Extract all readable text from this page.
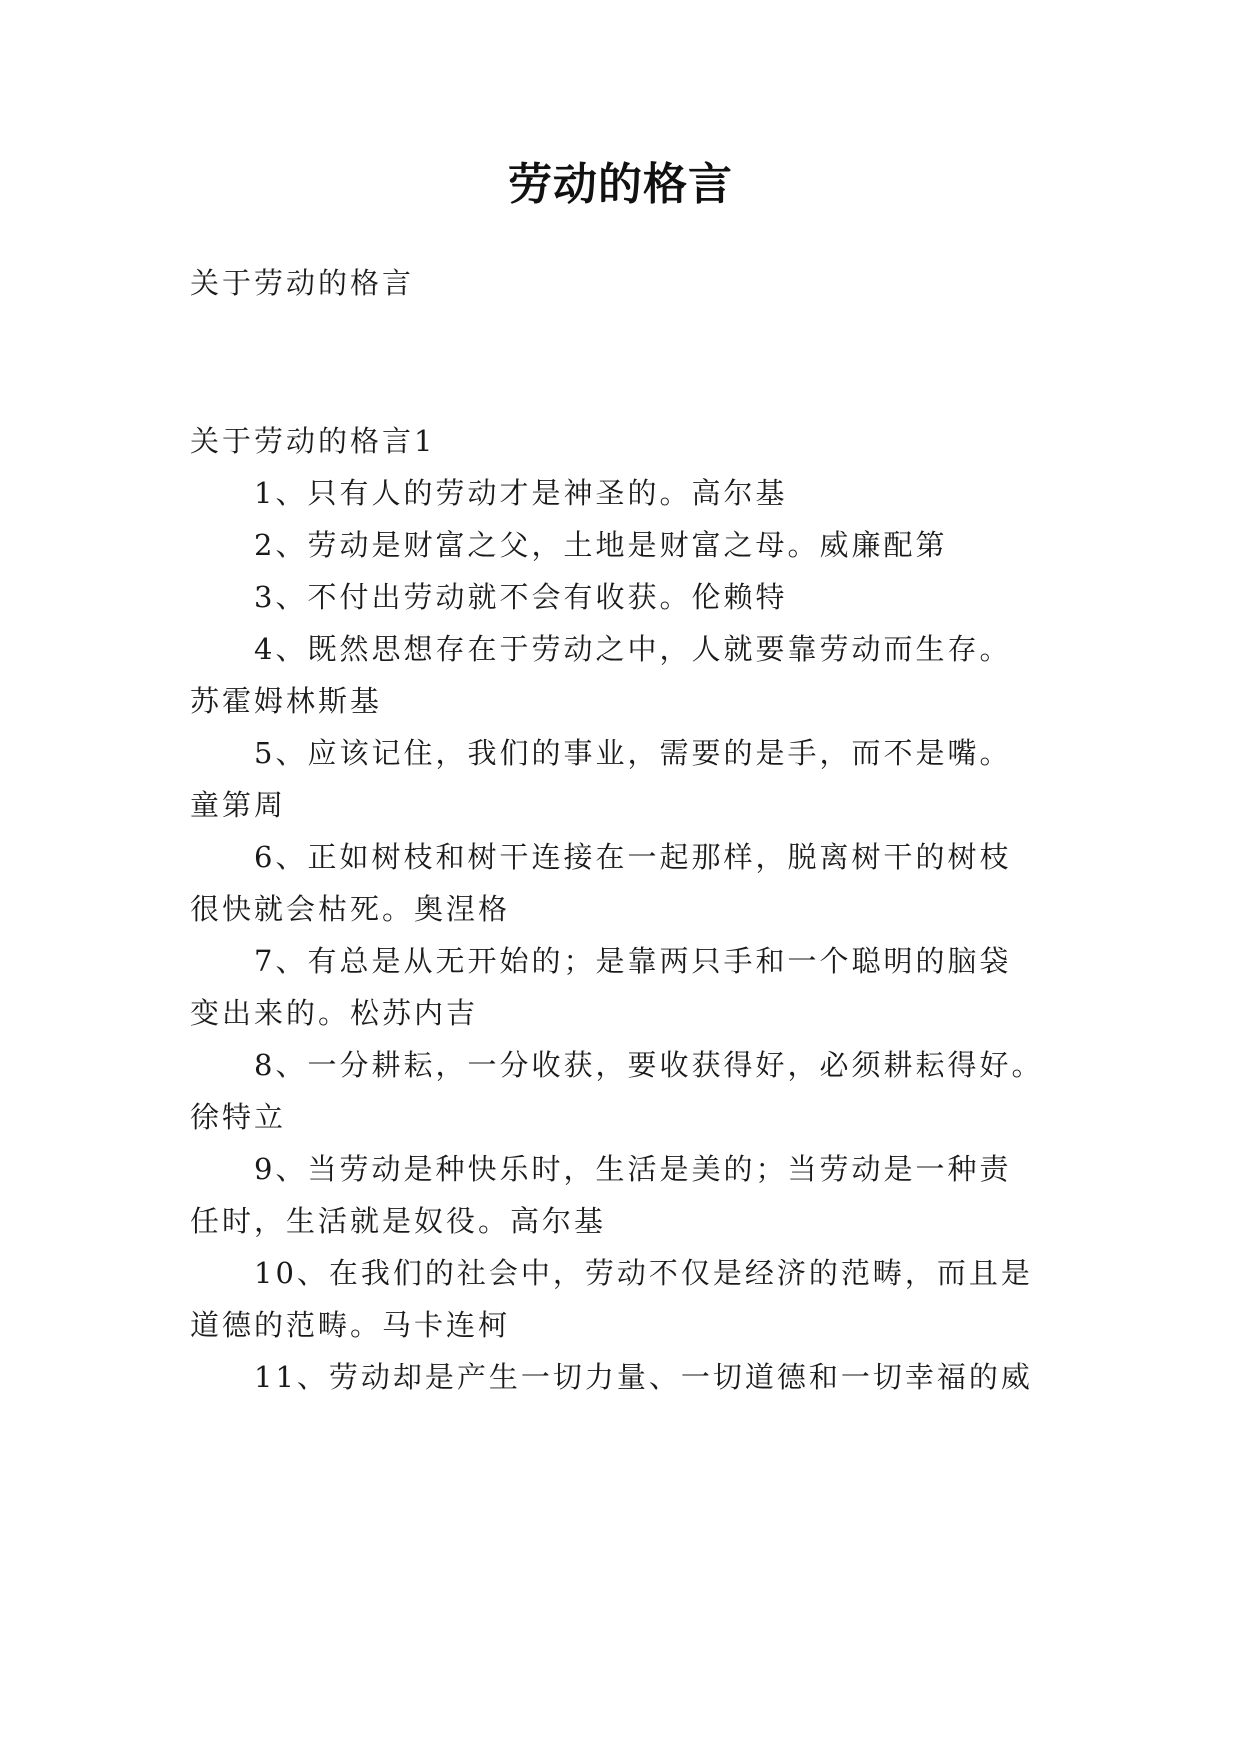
劳动的格言
关于劳动的格言
关于劳动的格言1
1、只有人的劳动才是神圣的。高尔基
2、劳动是财富之父，土地是财富之母。威廉配第
3、不付出劳动就不会有收获。伦赖特
4、既然思想存在于劳动之中，人就要靠劳动而生存。
苏霍姆林斯基
5、应该记住，我们的事业，需要的是手，而不是嘴。
童第周
6、正如树枝和树干连接在一起那样，脱离树干的树枝
很快就会枯死。奥涅格
7、有总是从无开始的；是靠两只手和一个聪明的脑袋
变出来的。松苏内吉
8、一分耕耘，一分收获，要收获得好，必须耕耘得好。
徐特立
9、当劳动是种快乐时，生活是美的；当劳动是一种责
任时，生活就是奴役。高尔基
10、在我们的社会中，劳动不仅是经济的范畴，而且是
道德的范畴。马卡连柯
11、劳动却是产生一切力量、一切道德和一切幸福的威
